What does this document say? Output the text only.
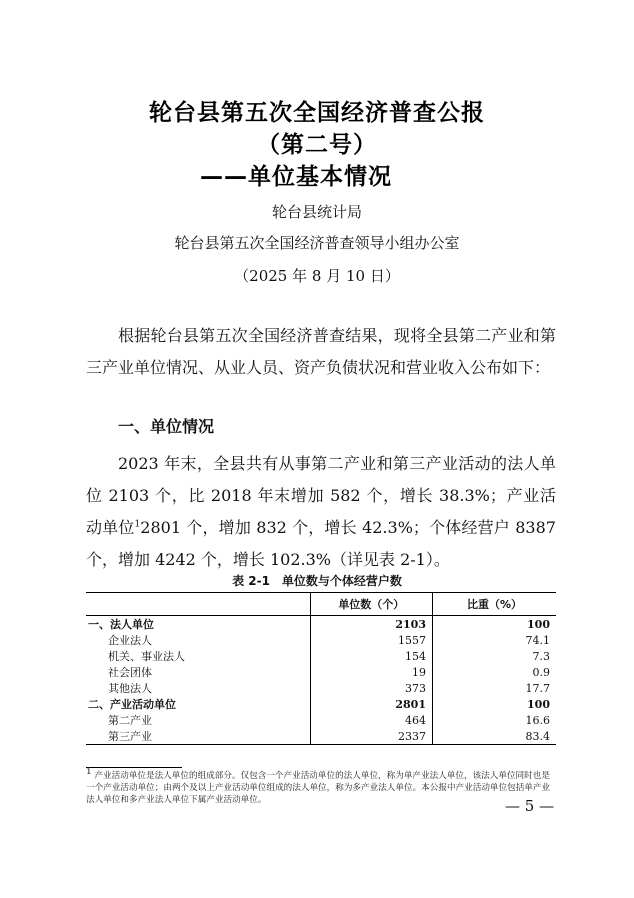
轮台县第五次全国经济普查公报
（第二号）
——单位基本情况
轮台县统计局
轮台县第五次全国经济普查领导小组办公室
（2025 年 8 月 10 日）
根据轮台县第五次全国经济普查结果，现将全县第二产业和第三产业单位情况、从业人员、资产负债状况和营业收入公布如下：
一、单位情况
2023 年末，全县共有从事第二产业和第三产业活动的法人单位 2103 个，比 2018 年末增加 582 个，增长 38.3%；产业活动单位$^1$2801 个，增加 832 个，增长 42.3%；个体经营户 8387 个，增加 4242 个，增长 102.3%（详见表 2-1）。
表 2-1　单位数与个体经营户数
	单位数（个）	比重（%）
一、法人单位	2103	100
企业法人	1557	74.1
机关、事业法人	154	7.3
社会团体	19	0.9
其他法人	373	17.7
二、产业活动单位	2801	100
第二产业	464	16.6
第三产业	2337	83.4
$^1$ 产业活动单位是法人单位的组成部分。仅包含一个产业活动单位的法人单位，称为单产业法人单位，该法人单位同时也是一个产业活动单位；由两个及以上产业活动单位组成的法人单位，称为多产业法人单位。本公报中产业活动单位包括单产业法人单位和多产业法人单位下属产业活动单位。	— 5 —
